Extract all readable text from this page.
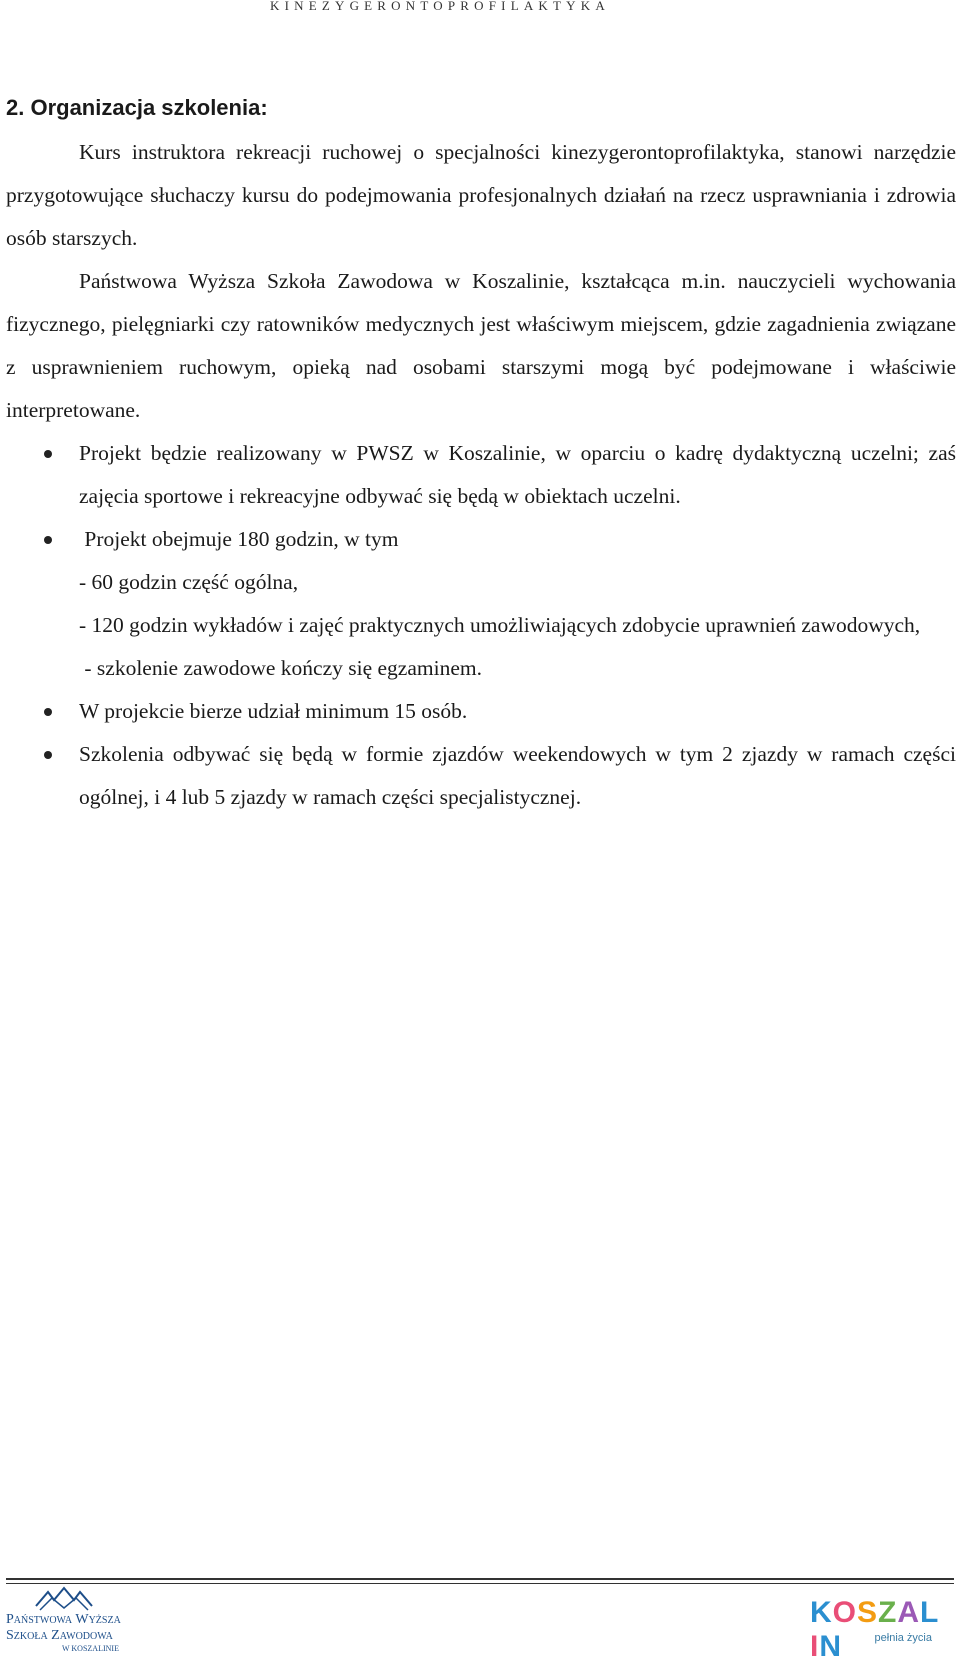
KINEZYGERONTOPROFILAKTYKA
2. Organizacja szkolenia:

Kurs instruktora rekreacji ruchowej o specjalności kinezygerontoprofilaktyka, stanowi narzędzie przygotowujące słuchaczy kursu do podejmowania profesjonalnych działań na rzecz usprawniania i zdrowia osób starszych.

Państwowa Wyższa Szkoła Zawodowa w Koszalinie, kształcąca m.in. nauczycieli wychowania fizycznego, pielęgniarki czy ratowników medycznych jest właściwym miejscem, gdzie zagadnienia związane z usprawnieniem ruchowym, opieką nad osobami starszymi mogą być podejmowane i właściwie interpretowane.

Projekt będzie realizowany w PWSZ w Koszalinie, w oparciu o kadrę dydaktyczną uczelni; zaś zajęcia sportowe i rekreacyjne odbywać się będą w obiektach uczelni.
Projekt obejmuje 180 godzin, w tym
- 60 godzin część ogólna,
- 120 godzin wykładów i zajęć praktycznych umożliwiających zdobycie uprawnień zawodowych,
- szkolenie zawodowe kończy się egzaminem.
W projekcie bierze udział minimum 15 osób.
Szkolenia odbywać się będą w formie zjazdów weekendowych w tym 2 zjazdy w ramach części ogólnej, i 4 lub 5 zjazdy w ramach części specjalistycznej.
Państwowa Wyższa
Szkoła Zawodowa
W KOSZALINIE
KOSZALIN	pełnia życia
